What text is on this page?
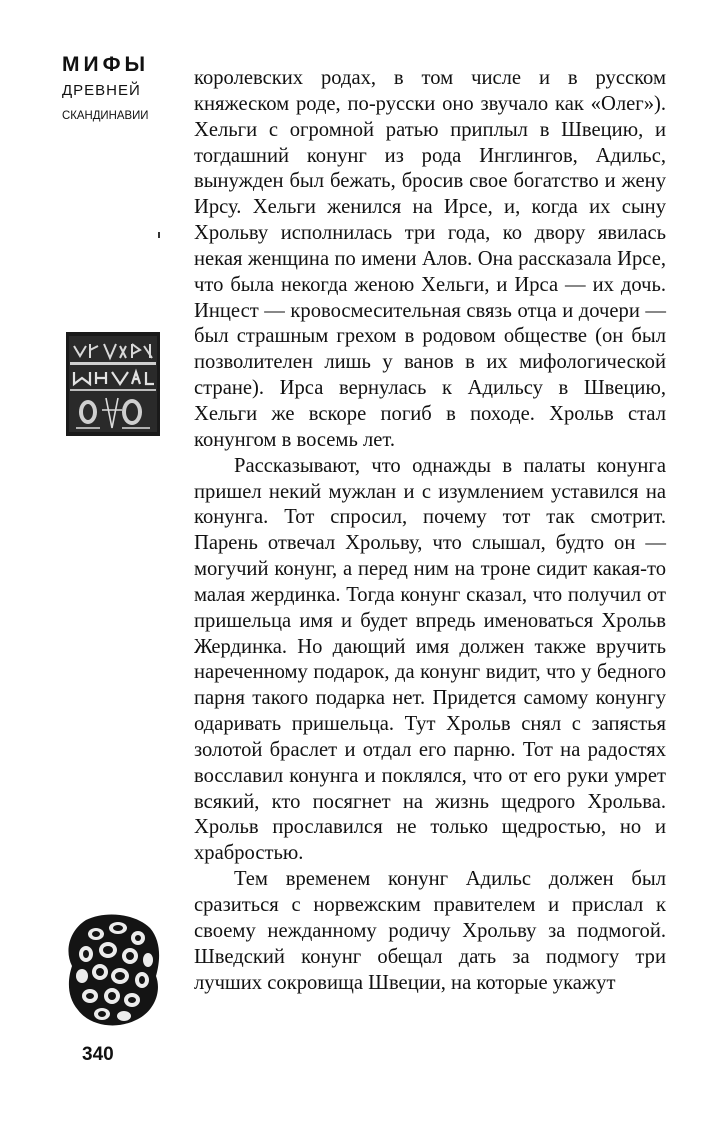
МИФЫ

ДРЕВНЕЙ

СКАНДИНАВИИ

340

королевских родах, в том числе и в русском княжеском роде, по-русски оно звучало как «Олег»). Хельги с огромной ратью приплыл в Швецию, и тогдашний конунг из рода Инглингов, Адильс, вынужден был бежать, бросив свое богатство и жену Ирсу. Хельги женился на Ирсе, и, когда их сыну Хрольву исполнилась три года, ко двору явилась некая женщина по имени Алов. Она рассказала Ирсе, что была некогда женою Хельги, и Ирса — их дочь. Инцест — кровосмесительная связь отца и дочери — был страшным грехом в родовом обществе (он был позволителен лишь у ванов в их мифологической стране). Ирса вернулась к Адильсу в Швецию, Хельги же вскоре погиб в походе. Хрольв стал конунгом в восемь лет.

Рассказывают, что однажды в палаты конунга пришел некий мужлан и с изумлением уставился на конунга. Тот спросил, почему тот так смотрит. Парень отвечал Хрольву, что слышал, будто он — могучий конунг, а перед ним на троне сидит какая-то малая жердинка. Тогда конунг сказал, что получил от пришельца имя и будет впредь именоваться Хрольв Жердинка. Но дающий имя должен также вручить нареченному подарок, да конунг видит, что у бедного парня такого подарка нет. Придется самому конунгу одаривать пришельца. Тут Хрольв снял с запястья золотой браслет и отдал его парню. Тот на радостях восславил конунга и поклялся, что от его руки умрет всякий, кто посягнет на жизнь щедрого Хрольва. Хрольв прославился не только щедростью, но и храбростью.

Тем временем конунг Адильс должен был сразиться с норвежским правителем и прислал к своему нежданному родичу Хрольву за подмогой. Шведский конунг обещал дать за подмогу три лучших сокровища Швеции, на которые укажут
